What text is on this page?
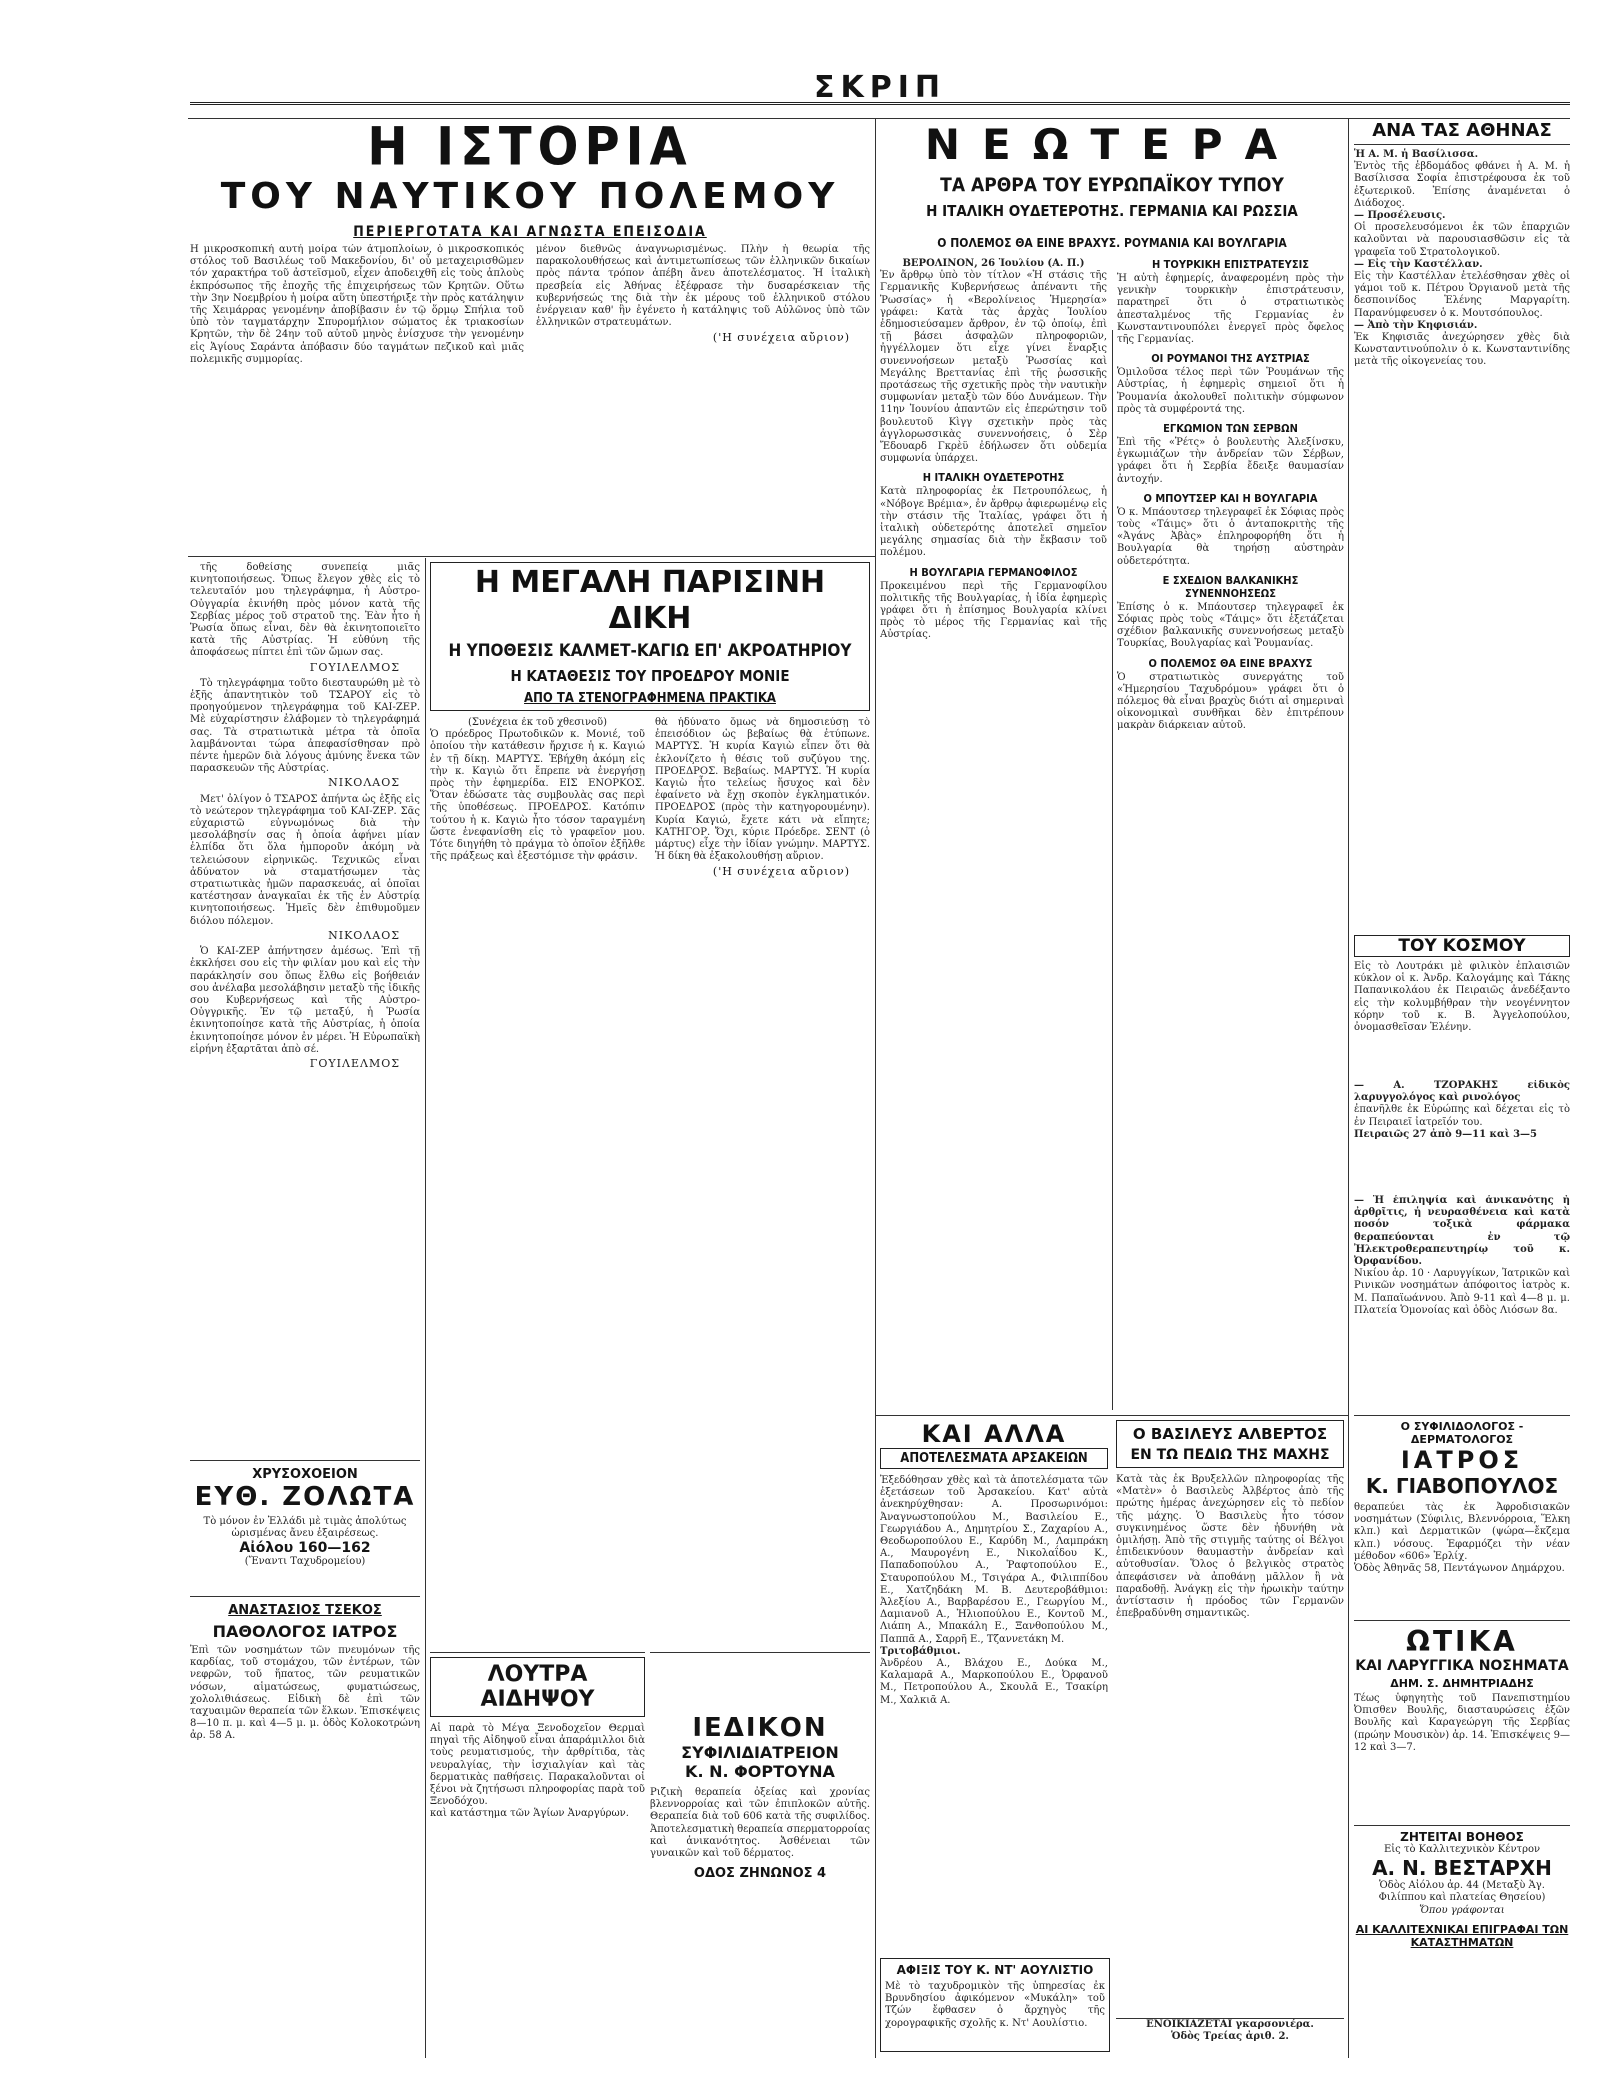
ΣΚΡΙΠ
Η ΙΣΤΟΡΙΑ
ΤΟΥ ΝΑΥΤΙΚΟΥ ΠΟΛΕΜΟΥ
ΠΕΡΙΕΡΓΟΤΑΤΑ ΚΑΙ ΑΓΝΩΣΤΑ ΕΠΕΙΣΟΔΙΑ
Η μικροσκοπική αυτή μοίρα τών ἀτμοπλοίων, ὁ μικροσκοπικός στόλος τοῦ Βασιλέως τοῦ Μακεδονίου, δι' οὗ μεταχειρισθῶμεν τόν χαρακτήρα τοῦ ἀστεϊσμοῦ, εἶχεν ἀποδειχθῆ εἰς τοὺς ἀπλοὺς ἐκπρόσωπος τῆς ἐποχῆς τῆς ἐπιχειρήσεως τῶν Κρητῶν. Οὕτω τὴν 3ην Νοεμβρίου ἡ μοίρα αὕτη ὑπεστήριξε τὴν πρὸς κατάληψιν τῆς Χειμάρρας γενομένην ἀποβίβασιν ἐν τῷ ὅρμῳ Σπήλια τοῦ ὑπὸ τὸν ταγματάρχην Σπυρομήλιον σώματος ἐκ τριακοσίων Κρητῶν, τὴν δὲ 24ην τοῦ αὐτοῦ μηνὸς ἐνίσχυσε τὴν γενομένην εἰς Ἁγίους Σαράντα ἀπόβασιν δύο ταγμάτων πεζικοῦ καὶ μιᾶς πολεμικῆς συμμορίας.
μένον διεθνῶς ἀναγνωρισμένως. Πλὴν ἡ θεωρία τῆς παρακολουθήσεως καὶ ἀντιμετωπίσεως τῶν ἑλληνικῶν δικαίων πρὸς πάντα τρόπον ἀπέβη ἄνευ ἀποτελέσματος. Ἡ ἰταλικὴ πρεσβεία εἰς Ἀθήνας ἐξέφρασε τὴν δυσαρέσκειαν τῆς κυβερνήσεώς της διὰ τὴν ἐκ μέρους τοῦ ἑλληνικοῦ στόλου ἐνέργειαν καθ' ἣν ἐγένετο ἡ κατάληψις τοῦ Αὐλῶνος ὑπὸ τῶν ἑλληνικῶν στρατευμάτων.
('Η συνέχεια αὔριον)

τῆς δοθείσης συνεπείᾳ μιᾶς κινητοποιήσεως. Ὅπως ἔλεγον χθὲς εἰς τὸ τελευταῖόν μου τηλεγράφημα, ἡ Αὐστρο-Οὐγγαρία ἐκινήθη πρὸς μόνον κατὰ τῆς Σερβίας μέρος τοῦ στρατοῦ της. Ἐὰν ἦτο ἡ Ῥωσία ὅπως εἶναι, δὲν θὰ ἐκινητοποιεῖτο κατὰ τῆς Αὐστρίας. Ἡ εὐθύνη τῆς ἀποφάσεως πίπτει ἐπὶ τῶν ὤμων σας.

ΓΟΥΙΛΕΛΜΟΣ

Τὸ τηλεγράφημα τοῦτο διεσταυρώθη μὲ τὸ ἑξῆς ἀπαντητικὸν τοῦ ΤΣΑΡΟΥ εἰς τὸ προηγούμενον τηλεγράφημα τοῦ ΚΑΙ-ΖΕΡ. Μὲ εὐχαρίστησιν ἐλάβομεν τὸ τηλεγράφημά σας. Τὰ στρατιωτικὰ μέτρα τὰ ὁποῖα λαμβάνονται τώρα ἀπεφασίσθησαν πρὸ πέντε ἡμερῶν διὰ λόγους ἀμύνης ἕνεκα τῶν παρασκευῶν τῆς Αὐστρίας.

ΝΙΚΟΛΑΟΣ

Μετ' ὀλίγον ὁ ΤΣΑΡΟΣ ἀπήντα ὡς ἑξῆς εἰς τὸ νεώτερον τηλεγράφημα τοῦ ΚΑΙ-ΖΕΡ. Σᾶς εὐχαριστῶ εὐγνωμόνως διὰ τὴν μεσολάβησίν σας ἡ ὁποία ἀφήνει μίαν ἐλπίδα ὅτι ὅλα ἠμποροῦν ἀκόμη νὰ τελειώσουν εἰρηνικῶς. Τεχνικῶς εἶναι ἀδύνατον νὰ σταματήσωμεν τὰς στρατιωτικὰς ἡμῶν παρασκευάς, αἱ ὁποῖαι κατέστησαν ἀναγκαῖαι ἐκ τῆς ἐν Αὐστρίᾳ κινητοποιήσεως. Ἡμεῖς δὲν ἐπιθυμοῦμεν διόλου πόλεμον.

ΝΙΚΟΛΑΟΣ

Ὁ ΚΑΙ-ΖΕΡ ἀπήντησεν ἀμέσως. Ἐπὶ τῇ ἐκκλήσει σου εἰς τὴν φιλίαν μου καὶ εἰς τὴν παράκλησίν σου ὅπως ἔλθω εἰς βοήθειάν σου ἀνέλαβα μεσολάβησιν μεταξὺ τῆς ἰδικῆς σου Κυβερνήσεως καὶ τῆς Αὐστρο-Οὐγγρικῆς. Ἐν τῷ μεταξύ, ἡ Ῥωσία ἐκινητοποίησε κατὰ τῆς Αὐστρίας, ἡ ὁποία ἐκινητοποίησε μόνον ἐν μέρει. Ἡ Εὐρωπαϊκὴ εἰρήνη ἐξαρτᾶται ἀπὸ σέ.

ΓΟΥΙΛΕΛΜΟΣ
ΧΡΥΣΟΧΟΕΙΟΝ
ΕΥΘ. ΖΟΛΩΤΑ
Τὸ μόνον ἐν Ἑλλάδι μὲ τιμὰς ἀπολύτως ὡρισμένας ἄνευ ἐξαιρέσεως.
Αἰόλου 160—162
(Ἔναντι Ταχυδρομείου)
ΑΝΑΣΤΑΣΙΟΣ ΤΣΕΚΟΣ
ΠΑΘΟΛΟΓΟΣ ΙΑΤΡΟΣ
Ἐπὶ τῶν νοσημάτων τῶν πνευμόνων τῆς καρδίας, τοῦ στομάχου, τῶν ἐντέρων, τῶν νεφρῶν, τοῦ ἥπατος, τῶν ρευματικῶν νόσων, αἱματώσεως, φυματιώσεως, χολολιθιάσεως. Εἰδικὴ δὲ ἐπὶ τῶν ταχυαιμῶν θεραπεία τῶν ἕλκων. Ἐπισκέψεις 8—10 π. μ. καὶ 4—5 μ. μ. ὁδὸς Κολοκοτρώνη ἀρ. 58 Α.
Η ΜΕΓΑΛΗ ΠΑΡΙΣΙΝΗ ΔΙΚΗ
Η ΥΠΟΘΕΣΙΣ ΚΑΛΜΕΤ-ΚΑΓΙΩ ΕΠ' ΑΚΡΟΑΤΗΡΙΟΥ
Η ΚΑΤΑΘΕΣΙΣ ΤΟΥ ΠΡΟΕΔΡΟΥ ΜΟΝΙΕ
ΑΠΟ ΤΑ ΣΤΕΝΟΓΡΑΦΗΜΕΝΑ ΠΡΑΚΤΙΚΑ
(Συνέχεια ἐκ τοῦ χθεσινοῦ)
Ὁ πρόεδρος Πρωτοδικῶν κ. Μονιέ, τοῦ ὁποίου τὴν κατάθεσιν ἤρχισε ἡ κ. Καγιώ ἐν τῇ δίκῃ. ΜΑΡΤΥΣ. Ἐβήχθη ἀκόμη εἰς τὴν κ. Καγιὼ ὅτι ἔπρεπε νὰ ἐνεργήσῃ πρὸς τὴν ἐφημερίδα. ΕΙΣ ΕΝΟΡΚΟΣ. Ὅταν ἐδώσατε τὰς συμβουλὰς σας περὶ τῆς ὑποθέσεως. ΠΡΟΕΔΡΟΣ. Κατόπιν τούτου ἡ κ. Καγιὼ ἦτο τόσον ταραγμένη ὥστε ἐνεφανίσθη εἰς τὸ γραφεῖον μου. Τότε διηγήθη τὸ πράγμα τὸ ὁποῖον ἐξῆλθε τῆς πράξεως καὶ ἐξεστόμισε τὴν φράσιν.
θὰ ἠδύνατο ὅμως νὰ δημοσιεύσῃ τὸ ἐπεισόδιον ὡς βεβαίως θὰ ἐτύπωνε. ΜΑΡΤΥΣ. Ἡ κυρία Καγιὼ εἶπεν ὅτι θὰ ἐκλονίζετο ἡ θέσις τοῦ συζύγου της. ΠΡΟΕΔΡΟΣ. Βεβαίως. ΜΑΡΤΥΣ. Ἡ κυρία Καγιὼ ἦτο τελείως ἥσυχος καὶ δὲν ἐφαίνετο νὰ ἔχῃ σκοπὸν ἐγκληματικόν. ΠΡΟΕΔΡΟΣ (πρὸς τὴν κατηγορουμένην). Κυρία Καγιώ, ἔχετε κάτι νὰ εἴπητε; ΚΑΤΗΓΟΡ. Ὄχι, κύριε Πρόεδρε. ΣΕΝΤ (ὁ μάρτυς) εἶχε τὴν ἰδίαν γνώμην. ΜΑΡΤΥΣ. Ἡ δίκη θὰ ἐξακολουθήσῃ αὔριον.
('Η συνέχεια αὔριον)
ΛΟΥΤΡΑ ΑΙΔΗΨΟΥ
Αἱ παρὰ τὸ Μέγα Ξενοδοχεῖον Θερμαὶ πηγαὶ τῆς Αἰδηψοῦ εἶναι ἀπαράμιλλοι διὰ τοὺς ρευματισμούς, τὴν ἀρθρίτιδα, τὰς νευραλγίας, τὴν ἰσχιαλγίαν καὶ τὰς δερματικὰς παθήσεις. Παρακαλοῦνται οἱ ξένοι νὰ ζητήσωσι πληροφορίας παρὰ τοῦ Ξενοδόχου.
καὶ κατάστημα τῶν Ἁγίων Ἀναργύρων.
ΙΕΔΙΚΟΝ
ΣΥΦΙΛΙΔΙΑΤΡΕΙΟΝ
Κ. Ν. ΦΟΡΤΟΥΝΑ
Ριζικὴ θεραπεία ὀξείας καὶ χρονίας βλεννορροίας καὶ τῶν ἐπιπλοκῶν αὐτῆς. Θεραπεία διὰ τοῦ 606 κατὰ τῆς συφιλίδος. Ἀποτελεσματικὴ θεραπεία σπερματορροίας καὶ ἀνικανότητος. Ἀσθένειαι τῶν γυναικῶν καὶ τοῦ δέρματος.
ΟΔΟΣ ΖΗΝΩΝΟΣ 4
ΝΕΩΤΕΡΑ
ΤΑ ΑΡΘΡΑ ΤΟΥ ΕΥΡΩΠΑΪΚΟΥ ΤΥΠΟΥ
Η ΙΤΑΛΙΚΗ ΟΥΔΕΤΕΡΟΤΗΣ. ΓΕΡΜΑΝΙΑ ΚΑΙ ΡΩΣΣΙΑ
Ο ΠΟΛΕΜΟΣ ΘΑ ΕΙΝΕ ΒΡΑΧΥΣ. ΡΟΥΜΑΝΙΑ ΚΑΙ ΒΟΥΛΓΑΡΙΑ
ΒΕΡΟΛΙΝΟΝ, 26 Ἰουλίου (Α. Π.)
Ἐν ἄρθρῳ ὑπὸ τὸν τίτλον «Ἡ στάσις τῆς Γερμανικῆς Κυβερνήσεως ἀπέναντι τῆς Ῥωσσίας» ἡ «Βερολίνειος Ἡμερησία» γράφει: Κατὰ τὰς ἀρχὰς Ἰουλίου ἐδημοσιεύσαμεν ἄρθρον, ἐν τῷ ὁποίῳ, ἐπὶ τῇ βάσει ἀσφαλῶν πληροφοριῶν, ἠγγέλλομεν ὅτι εἶχε γίνει ἔναρξις συνεννοήσεων μεταξὺ Ῥωσσίας καὶ Μεγάλης Βρεττανίας ἐπὶ τῆς ῥωσσικῆς προτάσεως τῆς σχετικῆς πρὸς τὴν ναυτικὴν συμφωνίαν μεταξὺ τῶν δύο Δυνάμεων. Τὴν 11ην Ἰουνίου ἀπαντῶν εἰς ἐπερώτησιν τοῦ βουλευτοῦ Κὶγγ σχετικὴν πρὸς τὰς ἀγγλορωσσικὰς συνεννοήσεις, ὁ Σὲρ Ἔδουαρδ Γκρὲϋ ἐδήλωσεν ὅτι οὐδεμία συμφωνία ὑπάρχει.
Η ΙΤΑΛΙΚΗ ΟΥΔΕΤΕΡΟΤΗΣ
Κατὰ πληροφορίας ἐκ Πετρουπόλεως, ἡ «Νόβογε Βρέμια», ἐν ἄρθρῳ ἀφιερωμένῳ εἰς τὴν στάσιν τῆς Ἰταλίας, γράφει ὅτι ἡ ἰταλικὴ οὐδετερότης ἀποτελεῖ σημεῖον μεγάλης σημασίας διὰ τὴν ἔκβασιν τοῦ πολέμου.
Η ΒΟΥΛΓΑΡΙΑ ΓΕΡΜΑΝΟΦΙΛΟΣ
Προκειμένου περὶ τῆς Γερμανοφίλου πολιτικῆς τῆς Βουλγαρίας, ἡ ἰδία ἐφημερὶς γράφει ὅτι ἡ ἐπίσημος Βουλγαρία κλίνει πρὸς τὸ μέρος τῆς Γερμανίας καὶ τῆς Αὐστρίας.
Η ΤΟΥΡΚΙΚΗ ΕΠΙΣΤΡΑΤΕΥΣΙΣ
Ἡ αὐτὴ ἐφημερίς, ἀναφερομένη πρὸς τὴν γενικὴν τουρκικὴν ἐπιστράτευσιν, παρατηρεῖ ὅτι ὁ στρατιωτικὸς ἀπεσταλμένος τῆς Γερμανίας ἐν Κωνσταντινουπόλει ἐνεργεῖ πρὸς ὄφελος τῆς Γερμανίας.
ΟΙ ΡΟΥΜΑΝΟΙ ΤΗΣ ΑΥΣΤΡΙΑΣ
Ὁμιλοῦσα τέλος περὶ τῶν Ῥουμάνων τῆς Αὐστρίας, ἡ ἐφημερὶς σημειοῖ ὅτι ἡ Ῥουμανία ἀκολουθεῖ πολιτικὴν σύμφωνον πρὸς τὰ συμφέροντά της.
ΕΓΚΩΜΙΟΝ ΤΩΝ ΣΕΡΒΩΝ
Ἐπὶ τῆς «Ῥέτς» ὁ βουλευτὴς Ἀλεξίνσκυ, ἐγκωμιάζων τὴν ἀνδρείαν τῶν Σέρβων, γράφει ὅτι ἡ Σερβία ἔδειξε θαυμασίαν ἀντοχήν.
Ο ΜΠΟΥΤΣΕΡ ΚΑΙ Η ΒΟΥΛΓΑΡΙΑ
Ὁ κ. Μπάουτσερ τηλεγραφεῖ ἐκ Σόφιας πρὸς τοὺς «Τάιμς» ὅτι ὁ ἀνταποκριτὴς τῆς «Ἀγάνς Ἀβὰς» ἐπληροφορήθη ὅτι ἡ Βουλγαρία θὰ τηρήσῃ αὐστηρὰν οὐδετερότητα.
Ε ΣΧΕΔΙΟΝ ΒΑΛΚΑΝΙΚΗΣ ΣΥΝΕΝΝΟΗΣΕΩΣ
Ἐπίσης ὁ κ. Μπάουτσερ τηλεγραφεῖ ἐκ Σόφιας πρὸς τοὺς «Τάιμς» ὅτι ἐξετάζεται σχέδιον βαλκανικῆς συνεννοήσεως μεταξὺ Τουρκίας, Βουλγαρίας καὶ Ῥουμανίας.
Ο ΠΟΛΕΜΟΣ ΘΑ ΕΙΝΕ ΒΡΑΧΥΣ
Ὁ στρατιωτικὸς συνεργάτης τοῦ «Ἡμερησίου Ταχυδρόμου» γράφει ὅτι ὁ πόλεμος θὰ εἶναι βραχὺς διότι αἱ σημεριναὶ οἰκονομικαὶ συνθῆκαι δὲν ἐπιτρέπουν μακρὰν διάρκειαν αὐτοῦ.
ΚΑΙ ΑΛΛΑ
ΑΠΟΤΕΛΕΣΜΑΤΑ ΑΡΣΑΚΕΙΩΝ
Ἐξεδόθησαν χθὲς καὶ τὰ ἀποτελέσματα τῶν ἐξετάσεων τοῦ Ἀρσακείου. Κατ' αὐτὰ ἀνεκηρύχθησαν: Α. Προσωρινόμοι: Ἀναγνωστοπούλου Μ., Βασιλείου Ε., Γεωργιάδου Α., Δημητρίου Σ., Ζαχαρίου Α., Θεοδωροπούλου Ε., Καρύδη Μ., Λαμπράκη Α., Μαυρογένη Ε., Νικολαΐδου Κ., Παπαδοπούλου Α., Ῥαφτοπούλου Ε., Σταυροπούλου Μ., Τσιγάρα Α., Φιλιππίδου Ε., Χατζηδάκη Μ. Β. Δευτεροβάθμιοι: Ἀλεξίου Α., Βαρβαρέσου Ε., Γεωργίου Μ., Δαμιανοῦ Α., Ἠλιοπούλου Ε., Κοντοῦ Μ., Λιάπη Α., Μπακάλη Ε., Ξανθοπούλου Μ., Παππᾶ Α., Σαρρῆ Ε., Τζαννετάκη Μ.
Τριτοβάθμιοι.
Ἀνδρέου Α., Βλάχου Ε., Δούκα Μ., Καλαμαρᾶ Α., Μαρκοπούλου Ε., Ὀρφανοῦ Μ., Πετροπούλου Α., Σκουλᾶ Ε., Τσακίρη Μ., Χαλκιᾶ Α.
Ο ΒΑΣΙΛΕΥΣ ΑΛΒΕΡΤΟΣ
ΕΝ ΤΩ ΠΕΔΙΩ ΤΗΣ ΜΑΧΗΣ
Κατὰ τὰς ἐκ Βρυξελλῶν πληροφορίας τῆς «Ματὲν» ὁ Βασιλεὺς Ἀλβέρτος ἀπὸ τῆς πρώτης ἡμέρας ἀνεχώρησεν εἰς τὸ πεδίον τῆς μάχης. Ὁ Βασιλεὺς ἦτο τόσον συγκινημένος ὥστε δὲν ἠδυνήθη νὰ ὁμιλήσῃ. Ἀπὸ τῆς στιγμῆς ταύτης οἱ Βέλγοι ἐπιδεικνύουν θαυμαστὴν ἀνδρείαν καὶ αὐτοθυσίαν. Ὅλος ὁ βελγικὸς στρατὸς ἀπεφάσισεν νὰ ἀποθάνῃ μᾶλλον ἢ νὰ παραδοθῇ. Ἀνάγκῃ εἰς τὴν ἡρωικὴν ταύτην ἀντίστασιν ἡ πρόοδος τῶν Γερμανῶν ἐπεβραδύνθη σημαντικῶς.
ΑΦΙΞΙΣ ΤΟΥ Κ. ΝΤ' ΑΟΥΛΙΣΤΙΟ
Μὲ τὸ ταχυδρομικὸν τῆς ὑπηρεσίας ἐκ Βρυνδησίου ἀφικόμενον «Μυκάλη» τοῦ Τζών ἔφθασεν ὁ ἄρχηγὸς τῆς χορογραφικῆς σχολῆς κ. Ντ' Αουλίστιο.	ΕΝΟΙΚΙΑΖΕΤΑΙ γκαρσονιέρα.
Ὁδὸς Τρείας ἀριθ. 2.
ΑΝΑ ΤΑΣ ΑΘΗΝΑΣ
Ἡ Α. Μ. ἡ Βασίλισσα.
Ἐντὸς τῆς ἑβδομάδος φθάνει ἡ Α. Μ. ἡ Βασίλισσα Σοφία ἐπιστρέφουσα ἐκ τοῦ ἐξωτερικοῦ. Ἐπίσης ἀναμένεται ὁ Διάδοχος.
— Προσέλευσις.
Οἱ προσελευσόμενοι ἐκ τῶν ἐπαρχιῶν καλοῦνται νὰ παρουσιασθῶσιν εἰς τὰ γραφεῖα τοῦ Στρατολογικοῦ.
— Εἰς τὴν Καστέλλαν.
Εἰς τὴν Καστέλλαν ἐτελέσθησαν χθὲς οἱ γάμοι τοῦ κ. Πέτρου Ὀργιανοῦ μετὰ τῆς δεσποινίδος Ἑλένης Μαργαρίτη. Παρανύμφευσεν ὁ κ. Μουτσόπουλος.
— Ἀπὸ τὴν Κηφισιάν.
Ἐκ Κηφισιᾶς ἀνεχώρησεν χθὲς διὰ Κωνσταντινούπολιν ὁ κ. Κωνσταντινίδης μετὰ τῆς οἰκογενείας του.
ΤΟΥ ΚΟΣΜΟΥ
Εἰς τὸ Λουτράκι μὲ φιλικὸν ἐπλαισιῶν κύκλον οἱ κ. Ἀνδρ. Καλογάμης καὶ Τάκης Παπανικολάου ἐκ Πειραιῶς ἀνεδέξαντο εἰς τὴν κολυμβήθραν τὴν νεογέννητον κόρην τοῦ κ. Β. Ἀγγελοπούλου, ὀνομασθεῖσαν Ἑλένην.
— Α. ΤΖΟΡΑΚΗΣ εἰδικὸς λαρυγγολόγος καὶ ρινολόγος
ἐπανῆλθε ἐκ Εὐρώπης καὶ δέχεται εἰς τὸ ἐν Πειραιεῖ ἰατρεῖόν του.
Πειραιῶς 27 ἀπὸ 9—11 καὶ 3—5
— Ἡ ἐπιληψία καὶ ἀνικανότης ἡ ἀρθρῖτις, ἡ νευρασθένεια καὶ κατὰ ποσόν τοξικὰ φάρμακα θεραπεύονται ἐν τῷ Ἠλεκτροθεραπευτηρίῳ τοῦ κ. Ὀρφανίδου.
Νικίου ἀρ. 10 · Λαρυγγίκων, Ἰατρικῶν καὶ Ρινικῶν νοσημάτων ἀπόφοιτος ἰατρὸς κ. Μ. Παπαϊωάννου. Ἀπὸ 9-11 καὶ 4—8 μ. μ. Πλατεία Ὁμονοίας καὶ ὁδὸς Λιόσων 8α.
Ο ΣΥΦΙΛΙΔΟΛΟΓΟΣ - ΔΕΡΜΑΤΟΛΟΓΟΣ
ΙΑΤΡΟΣ
Κ. ΓΙΑΒΟΠΟΥΛΟΣ
θεραπεύει τὰς ἐκ Ἀφροδισιακῶν νοσημάτων (Σύφιλις, Βλεννόρροια, Ἕλκη κλπ.) καὶ Δερματικῶν (ψώρα—ἔκζεμα κλπ.) νόσους. Ἐφαρμόζει τὴν νέαν μέθοδον «606» Ἐρλίχ.
Ὁδὸς Ἀθηνᾶς 58, Πεντάγωνον Δημάρχου.
ΩΤΙΚΑ
ΚΑΙ ΛΑΡΥΓΓΙΚΑ ΝΟΣΗΜΑΤΑ
ΔΗΜ. Σ. ΔΗΜΗΤΡΙΑΔΗΣ
Τέως ὑφηγητὴς τοῦ Πανεπιστημίου Ὀπισθεν Βουλῆς, διασταυρώσεις ἐξῶν Βουλῆς καὶ Καραγεώργη τῆς Σερβίας (πρώην Μουσικὸν) ἀρ. 14. Ἐπισκέψεις 9—12 καὶ 3—7.
ΖΗΤΕΙΤΑΙ ΒΟΗΘΟΣ
Εἰς τὸ Καλλιτεχνικὸν Κέντρον
Α. Ν. ΒΕΣΤΑΡΧΗ
Ὁδὸς Αἰόλου ἀρ. 44 (Μεταξὺ Ἁγ. Φιλίππου καὶ πλατείας Θησείου)
Ὅπου γράφονται
ΑΙ ΚΑΛΛΙΤΕΧΝΙΚΑΙ ΕΠΙΓΡΑΦΑΙ ΤΩΝ ΚΑΤΑΣΤΗΜΑΤΩΝ
